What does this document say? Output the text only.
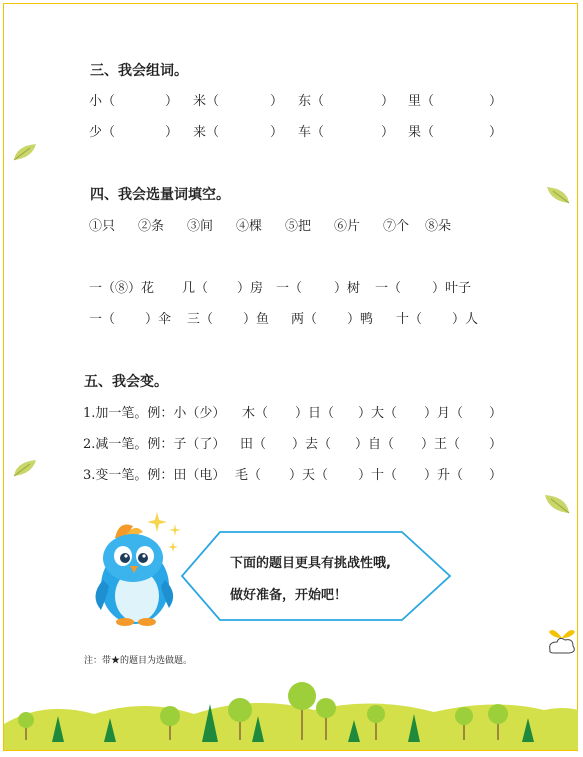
三、我会组词。
小（	） 米（	） 东（	） 里（	）
少（	） 来（	） 车（	） 果（	）
四、我会选量词填空。
①只 ②条 ③间 ④棵 ⑤把 ⑥片 ⑦个 ⑧朵
一（⑧）花 几（ ）房 一（ ）树 一（ ）叶子
一（ ）伞 三（ ）鱼 两（ ）鸭 十（ ）人
五、我会变。
1.加一笔。例：小（少） 木（ ）日（ ）大（ ）月（ ）
2.减一笔。例：子（了） 田（ ）去（ ）自（ ）王（ ）
3.变一笔。例：田（电） 毛（ ）天（ ）十（ ）升（ ）
下面的题目更具有挑战性哦,
做好准备，开始吧！
注：带★的题目为选做题。
